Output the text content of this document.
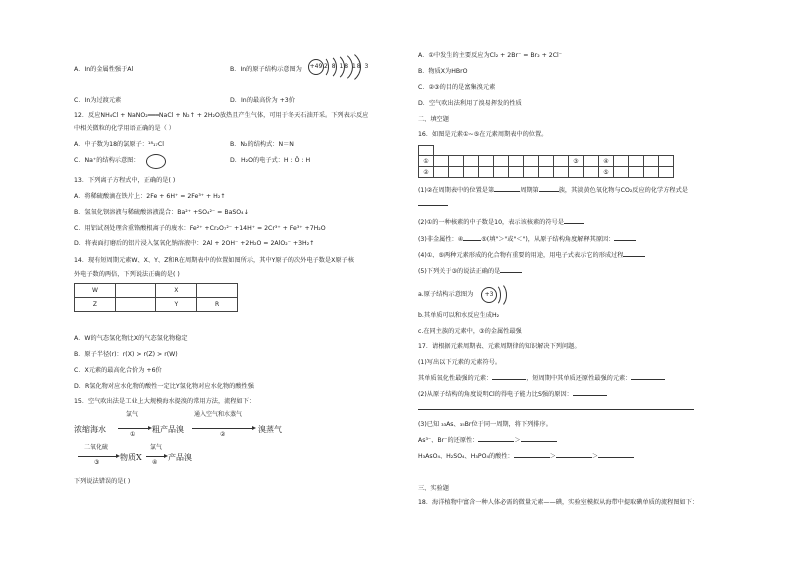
A．In的金属性强于Al	B．In的原子结构示意图为 +49 2 8 18 18 3
C．In为过渡元素	D．In的最高价为 +3价
12．反应NH₄Cl + NaNO₂═══NaCl + N₂↑ + 2H₂O放热且产生气体，可用于冬天石油开采。下列表示反应
中相关微粒的化学用语正确的是（ ）
A．中子数为18的氯原子：¹⁸₁₇Cl	B．N₂的结构式：N＝N
C．Na⁺的结构示意图：	D．H₂O的电子式：H : Ö : H
13．下列离子方程式中，正确的是( )
A．将稀硫酸滴在铁片上：2Fe + 6H⁺ = 2Fe³⁺ + H₂↑
B．氢氧化钡溶液与稀硫酸溶液混合：Ba²⁺ +SO₄²⁻ = BaSO₄↓
C．用铝试剂处理含重铬酸根离子的废水：Fe²⁺ +Cr₂O₇²⁻ +14H⁺ = 2Cr³⁺ + Fe³⁺ +7H₂O
D．将表面打磨后的铝片浸入氢氧化钠溶液中：2Al + 2OH⁻ +2H₂O = 2AlO₂⁻ +3H₂↑
14．现有短周期元素W、X、Y、Z和R在周期表中的位置如图所示，其中Y原子的次外电子数是X原子核
外电子数的两倍，下列说法正确的是( )
W		X	
Z		Y	R
A．W的气态氢化物比X的气态氢化物稳定
B．原子半径(r)：r(X) > r(Z) > r(W)
C．X元素的最高化合价为 +6价
D．R氢化物对应水化物的酸性一定比Y氢化物对应水化物的酸性强
15．空气吹出法是工业上大规模海水提溴的常用方法，流程如下：
浓缩海水
氯气
①
粗产品溴
通入空气和水蒸气
②
溴蒸气
二氧化硫
③
物质X
氯气
④
产品溴
下列说法错误的是( )
A．①中发生的主要反应为Cl₂ + 2Br⁻ = Br₂ + 2Cl⁻
B．物质X为HBrO
C．②③的目的是富集溴元素
D．空气吹出法利用了溴易挥发的性质
二、填空题
16．如图是元素①~⑤在元素周期表中的位置。

①										③		④				
②												⑤				
(1)②在周期表中的位置是第	周期第	族，其淡黄色氧化物与CO₂反应的化学方程式是
(2)①的一种核素的中子数是10，表示该核素的符号是
(3)非金属性：④	⑤(填"＞"或"＜")，从原子结构角度解释其原因：
(4)①、⑤两种元素形成的化合物有重要的用途，用电子式表示它的形成过程
(5)下列关于③的说法正确的是
a.原子结构示意图为	+3
b.其单质可以和水反应生成H₂
c.在同主族的元素中，③的金属性最强
17．请根据元素周期表、元素周期律的知识解决下列问题。
(1)写出以下元素的元素符号。
其单质氧化性最强的元素：	，短周期中其单质还原性最强的元素：
(2)从原子结构的角度说明Cl的得电子能力比S强的原因：
(3)已知 ₃₃As、₃₅Br位于同一周期，将下列排序。
As³⁻、Br⁻的还原性：	＞
H₃AsO₄、H₂SO₄、H₃PO₄的酸性：	＞	＞
三、实验题
18．海洋植物中富含一种人体必需的微量元素——碘，实验室模拟从海带中提取碘单质的流程图如下：
